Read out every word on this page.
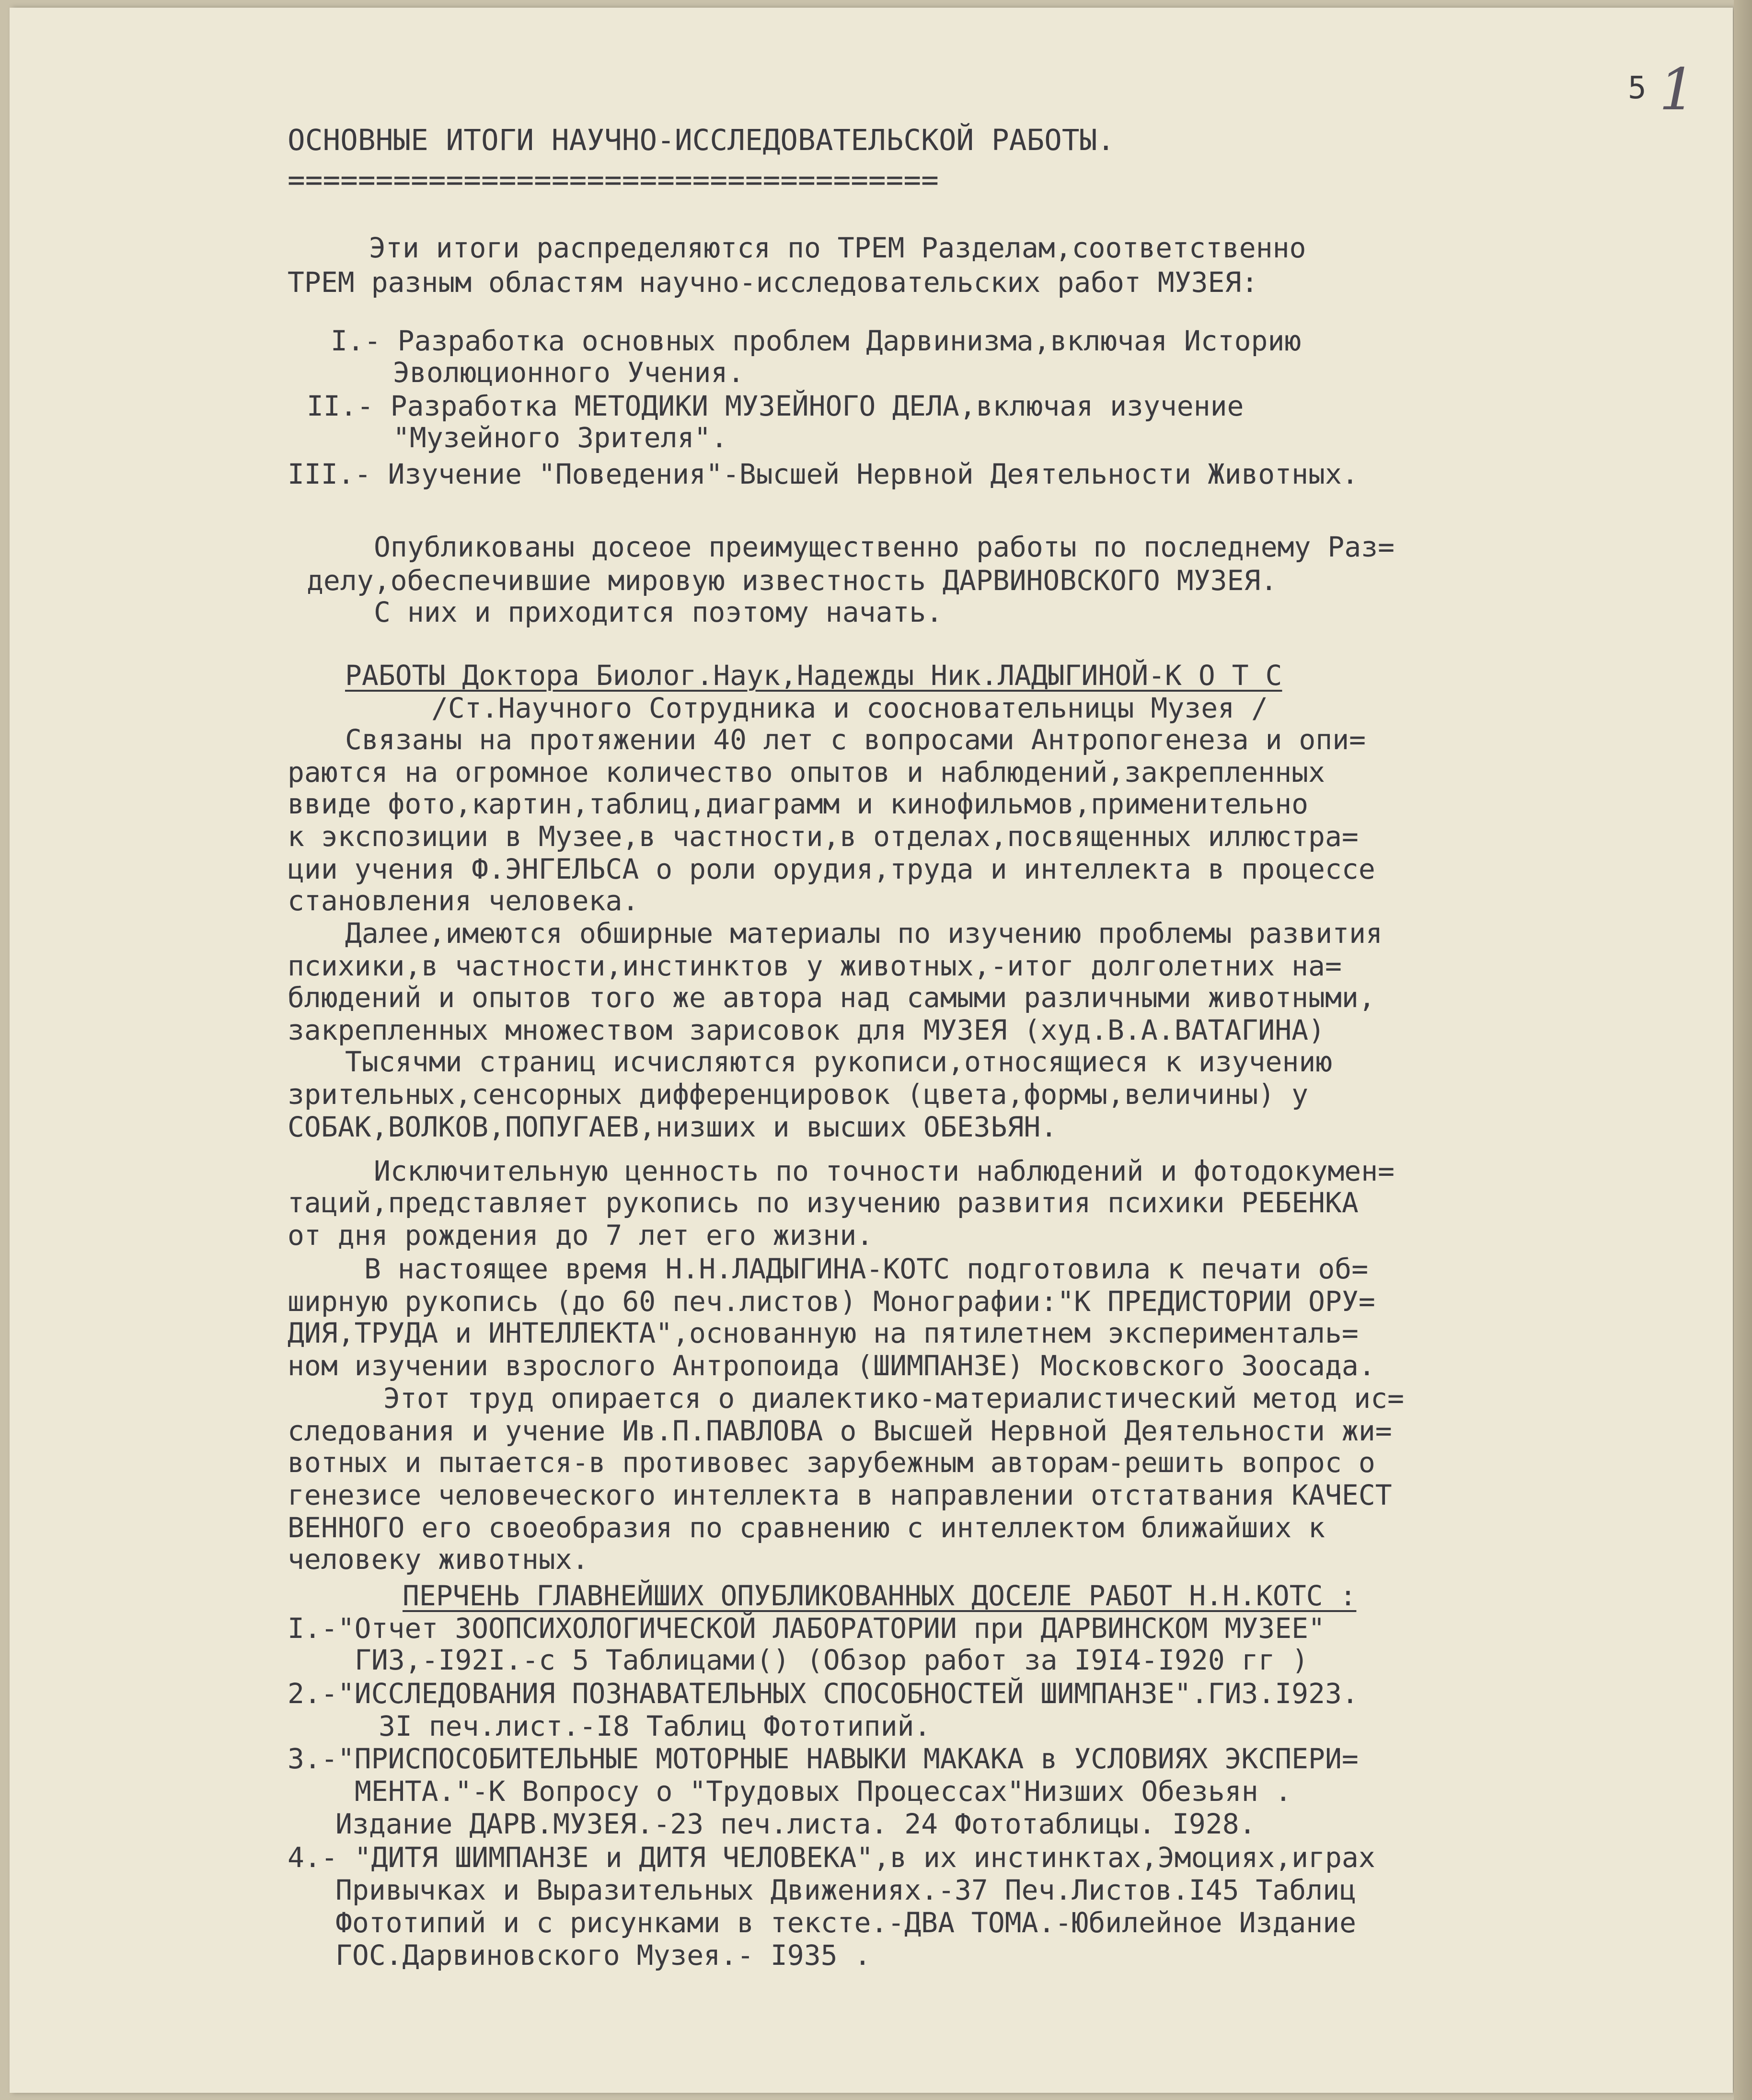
5 1
ОСНОВНЫЕ ИТОГИ НАУЧНО-ИССЛЕДОВАТЕЛЬСКОЙ РАБОТЫ.
=====================================
Эти итоги распределяются по ТРЕМ Разделам,соответственно
ТРЕМ разным областям научно-исследовательских работ МУЗЕЯ:
I.- Разработка основных проблем Дарвинизма,включая Историю
Эволюционного Учения.
II.- Разработка МЕТОДИКИ МУЗЕЙНОГО ДЕЛА,включая изучение
"Музейного Зрителя".
III.- Изучение "Поведения"-Высшей Нервной Деятельности Животных.
Опубликованы досеое преимущественно работы по последнему Раз=
делу,обеспечившие мировую известность ДАРВИНОВСКОГО МУЗЕЯ.
С них и приходится поэтому начать.
РАБОТЫ Доктора Биолог.Наук,Надежды Ник.ЛАДЫГИНОЙ-К О Т С
/Ст.Научного Сотрудника и соосновательницы Музея /
Связаны на протяжении 40 лет с вопросами Антропогенеза и опи=
раются на огромное количество опытов и наблюдений,закрепленных
ввиде фото,картин,таблиц,диаграмм и кинофильмов,применительно
к экспозиции в Музее,в частности,в отделах,посвященных иллюстра=
ции учения Ф.ЭНГЕЛЬСА о роли орудия,труда и интеллекта в процессе
становления человека.
Далее,имеются обширные материалы по изучению проблемы развития
психики,в частности,инстинктов у животных,-итог долголетних на=
блюдений и опытов того же автора над самыми различными животными,
закрепленных множеством зарисовок для МУЗЕЯ (худ.В.А.ВАТАГИНА)
Тысячми страниц исчисляются рукописи,относящиеся к изучению
зрительных,сенсорных дифференцировок (цвета,формы,величины) у
СОБАК,ВОЛКОВ,ПОПУГАЕВ,низших и высших ОБЕЗЬЯН.
Исключительную ценность по точности наблюдений и фотодокумен=
таций,представляет рукопись по изучению развития психики РЕБЕНКА
от дня рождения до 7 лет его жизни.
В настоящее время Н.Н.ЛАДЫГИНА-КОТС подготовила к печати об=
ширную рукопись (до 60 печ.листов) Монографии:"К ПРЕДИСТОРИИ ОРУ=
ДИЯ,ТРУДА и ИНТЕЛЛЕКТА",основанную на пятилетнем эксперименталь=
ном изучении взрослого Антропоида (ШИМПАНЗЕ) Московского Зоосада.
Этот труд опирается о диалектико-материалистический метод ис=
следования и учение Ив.П.ПАВЛОВА о Высшей Нервной Деятельности жи=
вотных и пытается-в противовес зарубежным авторам-решить вопрос о
генезисе человеческого интеллекта в направлении отстатвания КАЧЕСТ
ВЕННОГО его своеобразия по сравнению с интеллектом ближайших к
человеку животных.
ПЕРЧЕНЬ ГЛАВНЕЙШИХ ОПУБЛИКОВАННЫХ ДОСЕЛЕ РАБОТ Н.Н.КОТС :
I.-"Отчет ЗООПСИХОЛОГИЧЕСКОЙ ЛАБОРАТОРИИ при ДАРВИНСКОМ МУЗЕЕ"
ГИЗ,-I92I.-с 5 Таблицами() (Обзор работ за I9I4-I920 гг )
2.-"ИССЛЕДОВАНИЯ ПОЗНАВАТЕЛЬНЫХ СПОСОБНОСТЕЙ ШИМПАНЗЕ".ГИЗ.I923.
3I печ.лист.-I8 Таблиц Фототипий.
3.-"ПРИСПОСОБИТЕЛЬНЫЕ МОТОРНЫЕ НАВЫКИ МАКАКА в УСЛОВИЯХ ЭКСПЕРИ=
МЕНТА."-К Вопросу о "Трудовых Процессах"Низших Обезьян .
Издание ДАРВ.МУЗЕЯ.-23 печ.листа. 24 Фототаблицы. I928.
4.- "ДИТЯ ШИМПАНЗЕ и ДИТЯ ЧЕЛОВЕКА",в их инстинктах,Эмоциях,играх
Привычках и Выразительных Движениях.-37 Печ.Листов.I45 Таблиц
Фототипий и с рисунками в тексте.-ДВА ТОМА.-Юбилейное Издание
ГОС.Дарвиновского Музея.- I935 .
